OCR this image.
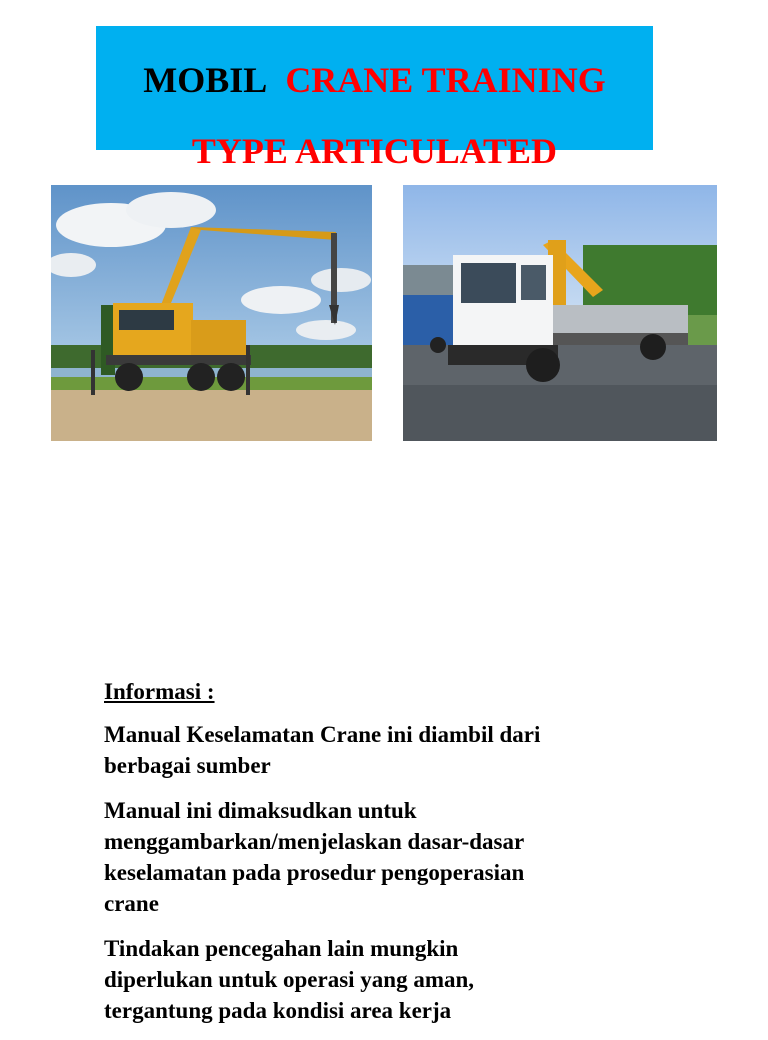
MOBIL CRANE TRAINING
TYPE ARTICULATED
Informasi :

Manual Keselamatan Crane ini diambil dari berbagai sumber

Manual ini dimaksudkan untuk menggambarkan/menjelaskan dasar-dasar keselamatan pada prosedur pengoperasian crane

Tindakan pencegahan lain mungkin diperlukan untuk operasi yang aman, tergantung pada kondisi area kerja
